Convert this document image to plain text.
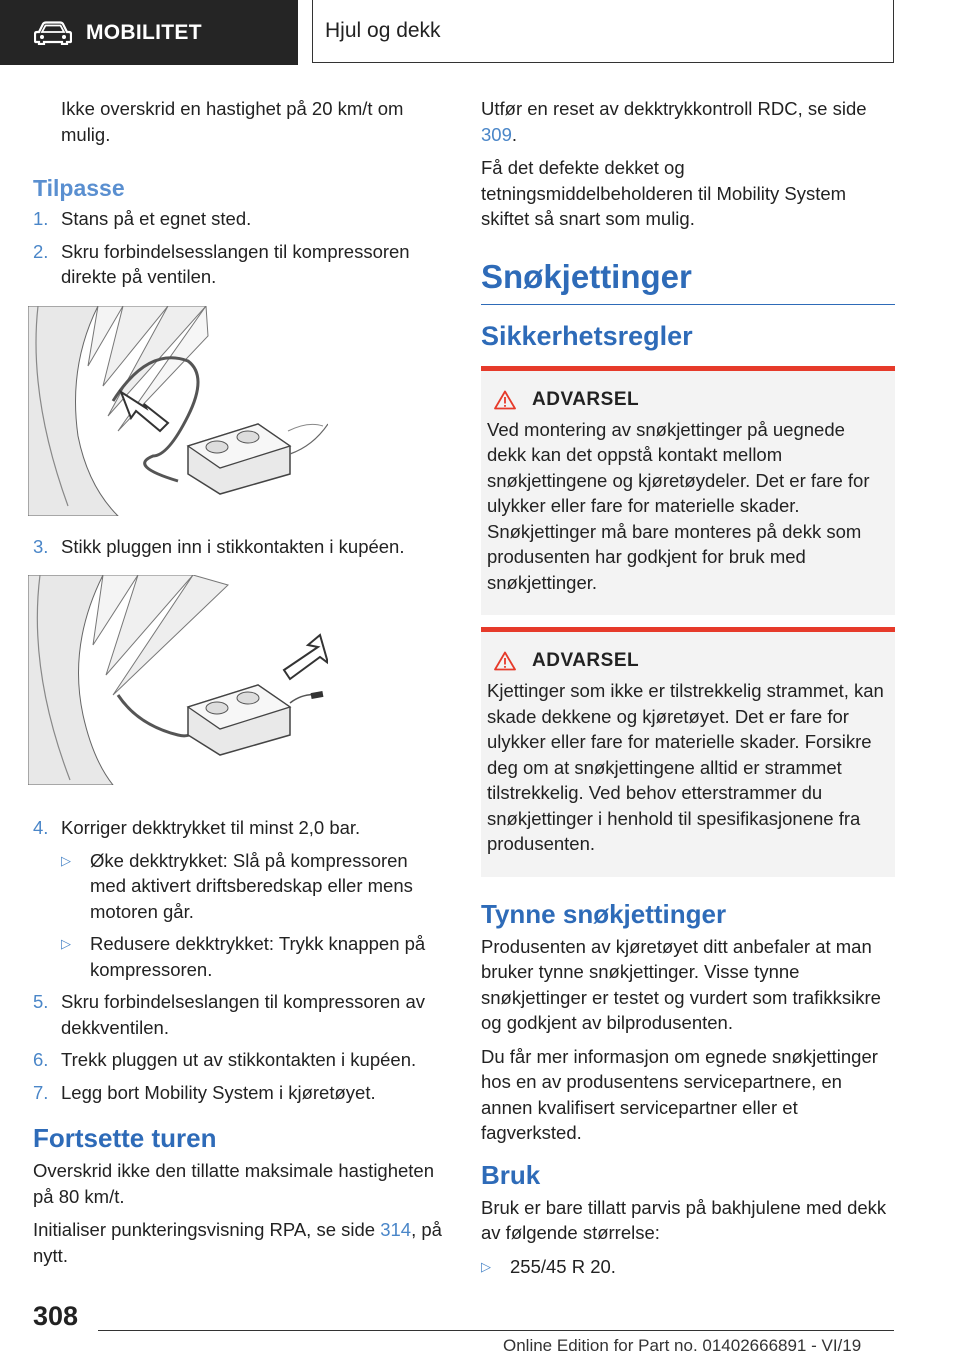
MOBILITET	Hjul og dekk

Ikke overskrid en hastighet på 20 km/t om mulig.

Tilpasse
1. Stans på et egnet sted.

2. Skru forbindelsesslangen til kompressoren direkte på ventilen.

3. Stikk pluggen inn i stikkontakten i kupéen.

4. Korriger dekktrykket til minst 2,0 bar.

▷	Øke dekktrykket: Slå på kompressoren med aktivert driftsberedskap eller mens motoren går.

▷	Redusere dekktrykket: Trykk knappen på kompressoren.

5. Skru forbindelseslangen til kompressoren av dekkventilen.

6. Trekk pluggen ut av stikkontakten i kupéen.

7. Legg bort Mobility System i kjøretøyet.

Fortsette turen

Overskrid ikke den tillatte maksimale hastigheten på 80 km/t.

Initialiser punkteringsvisning RPA, se side 314, på nytt.

Utfør en reset av dekktrykkontroll RDC, se side 309.

Få det defekte dekket og tetningsmiddelbeholderen til Mobility System skiftet så snart som mulig.

Snøkjettinger
Sikkerhetsregler
ADVARSEL

Ved montering av snøkjettinger på uegnede dekk kan det oppstå kontakt mellom snøkjettingene og kjøretøydeler. Det er fare for ulykker eller fare for materielle skader. Snøkjettinger må bare monteres på dekk som produsenten har godkjent for bruk med snøkjettinger.

ADVARSEL

Kjettinger som ikke er tilstrekkelig strammet, kan skade dekkene og kjøretøyet. Det er fare for ulykker eller fare for materielle skader. Forsikre deg om at snøkjettingene alltid er strammet tilstrekkelig. Ved behov etterstrammer du snøkjettinger i henhold til spesifikasjonene fra produsenten.

Tynne snøkjettinger

Produsenten av kjøretøyet ditt anbefaler at man bruker tynne snøkjettinger. Visse tynne snøkjettinger er testet og vurdert som trafikksikre og godkjent av bilprodusenten.

Du får mer informasjon om egnede snøkjettinger hos en av produsentens servicepartnere, en annen kvalifisert servicepartner eller et fagverksted.

Bruk

Bruk er bare tillatt parvis på bakhjulene med dekk av følgende størrelse:

▷	255/45 R 20.

308
Online Edition for Part no. 01402666891 - VI/19
